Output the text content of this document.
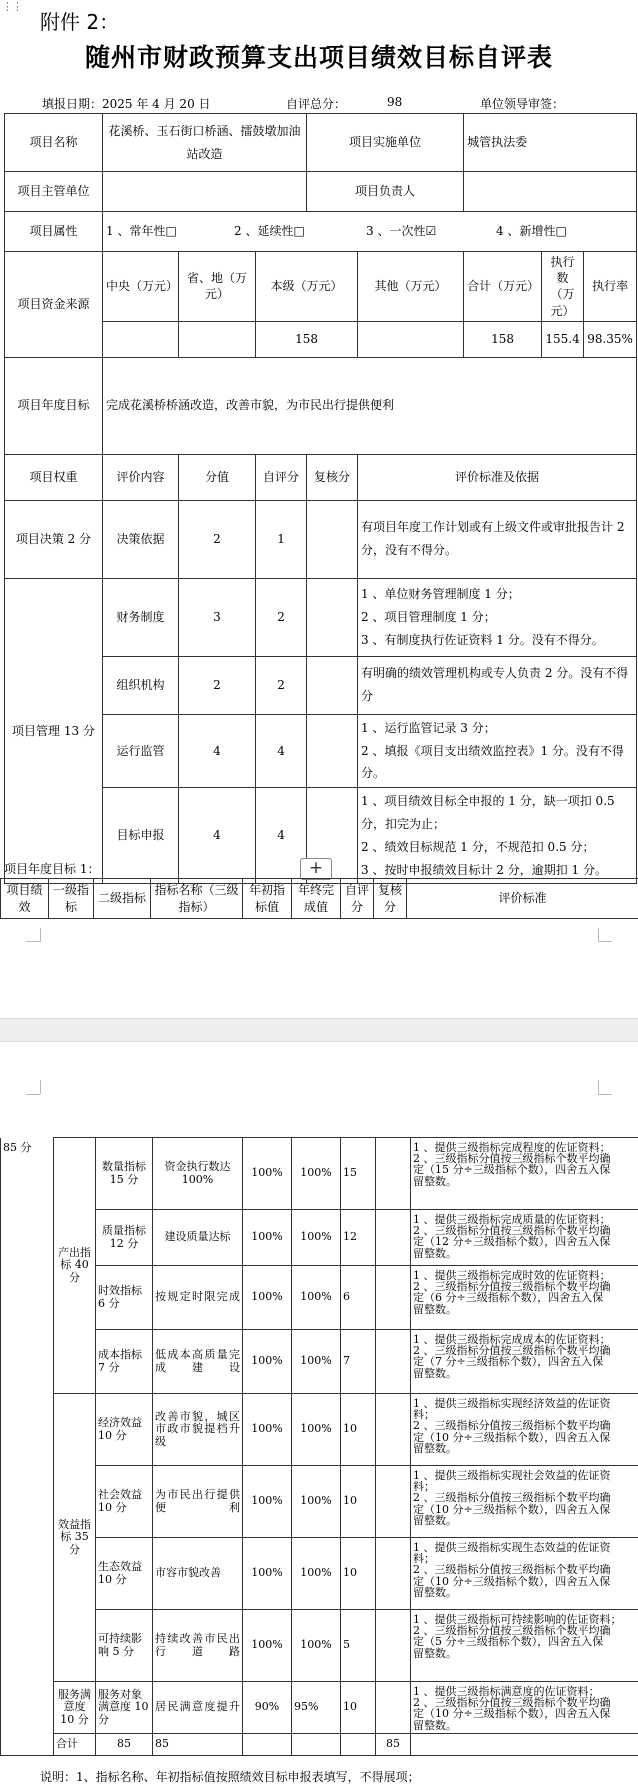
⋮⋮
附件 2：
随州市财政预算支出项目绩效目标自评表
填报日期：2025 年 4 月 20 日	自评总分：	98	单位领导审签：
项目名称	花溪桥、玉石街口桥涵、擂鼓墩加油站改造			项目实施单位		城管执法委		
项目主管单位				项目负责人				
项目属性	1 、常年性□ 2 、延续性□ 3 、一次性☑ 4 、新增性□							
项目资金来源	中央（万元）	省、地（万元）	本级（万元）		其他（万元）	合计（万元）	执行数（万元）	执行率
			158			158	155.4	98.35%
项目年度目标	完成花溪桥桥涵改造，改善市貌，为市民出行提供便利							
项目权重	评价内容	分值	自评分	复核分	评价标准及依据			
项目决策 2 分	决策依据	2	1		有项目年度工作计划或有上级文件或审批报告计 2 分，没有不得分。			
项目管理 13 分	财务制度	3	2		1 、单位财务管理制度 1 分；
2 、项目管理制度 1 分；
3 、有制度执行佐证资料 1 分。没有不得分。			

	组织机构	2	2		有明确的绩效管理机构或专人负责 2 分。没有不得分			

	运行监管	4	4		1 、运行监管记录 3 分；
2 、填报《项目支出绩效监控表》1 分。没有不得分。			

	目标申报	4	4		1 、项目绩效目标全申报的 1 分，缺一项扣 0.5 分，扣完为止；
2 、绩效目标规范 1 分，不规范扣 0.5 分；
3 、按时申报绩效目标计 2 分，逾期扣 1 分。			
项目年度目标 1：	+
项目绩效	一级指标	二级指标	指标名称（三级指标）	年初指标值	年终完成值	自评分	复核分	评价标准
85 分	产出指标 40 分	数量指标 15 分	资金执行数达 100%	100%	100%	15		1 、提供三级指标完成程度的佐证资料；
2 、三级指标分值按三级指标个数平均确
定（15 分÷三级指标个数），四舍五入保
留整数。	

		质量指标 12 分	建设质量达标	100%	100%	12		1 、提供三级指标完成质量的佐证资料；
2 、三级指标分值按三级指标个数平均确
定（12 分÷三级指标个数），四舍五入保
留整数。	

		时效指标 6 分	按规定时限完成	100%	100%	6		1 、提供三级指标完成时效的佐证资料；
2 、三级指标分值按三级指标个数平均确
定（6 分÷三级指标个数），四舍五入保
留整数。	

		成本指标 7 分	低成本高质量完成建设	100%	100%	7		1 、提供三级指标完成成本的佐证资料；
2 、三级指标分值按三级指标个数平均确
定（7 分÷三级指标个数），四舍五入保
留整数。	

	效益指标 35 分	经济效益 10 分	改善市貌，城区市政市貌提档升级	100%	100%	10		1 、提供三级指标实现经济效益的佐证资
料；
2 、三级指标分值按三级指标个数平均确
定（10 分÷三级指标个数），四舍五入保
留整数。	

		社会效益 10 分	为市民出行提供便利	100%	100%	10		1 、提供三级指标实现社会效益的佐证资
料；
2 、三级指标分值按三级指标个数平均确
定（10 分÷三级指标个数），四舍五入保
留整数。	

		生态效益 10 分	市容市貌改善	100%	100%	10		1 、提供三级指标实现生态效益的佐证资
料；
2 、三级指标分值按三级指标个数平均确
定（10 分÷三级指标个数），四舍五入保
留整数。	

		可持续影响 5 分	持续改善市民出行道路	100%	100%	5		1 、提供三级指标可持续影响的佐证资料；
2 、三级指标分值按三级指标个数平均确
定（5 分÷三级指标个数），四舍五入保
留整数。	

	服务满意度 10 分	服务对象满意度 10 分	居民满意度提升	90%	95%	10		1 、提供三级指标满意度的佐证资料；
2 、三级指标分值按三级指标个数平均确
定（10 分÷三级指标个数），四舍五入保
留整数。	

	合计	85	85				85		
说明：1、指标名称、年初指标值按照绩效目标申报表填写，不得展项；
